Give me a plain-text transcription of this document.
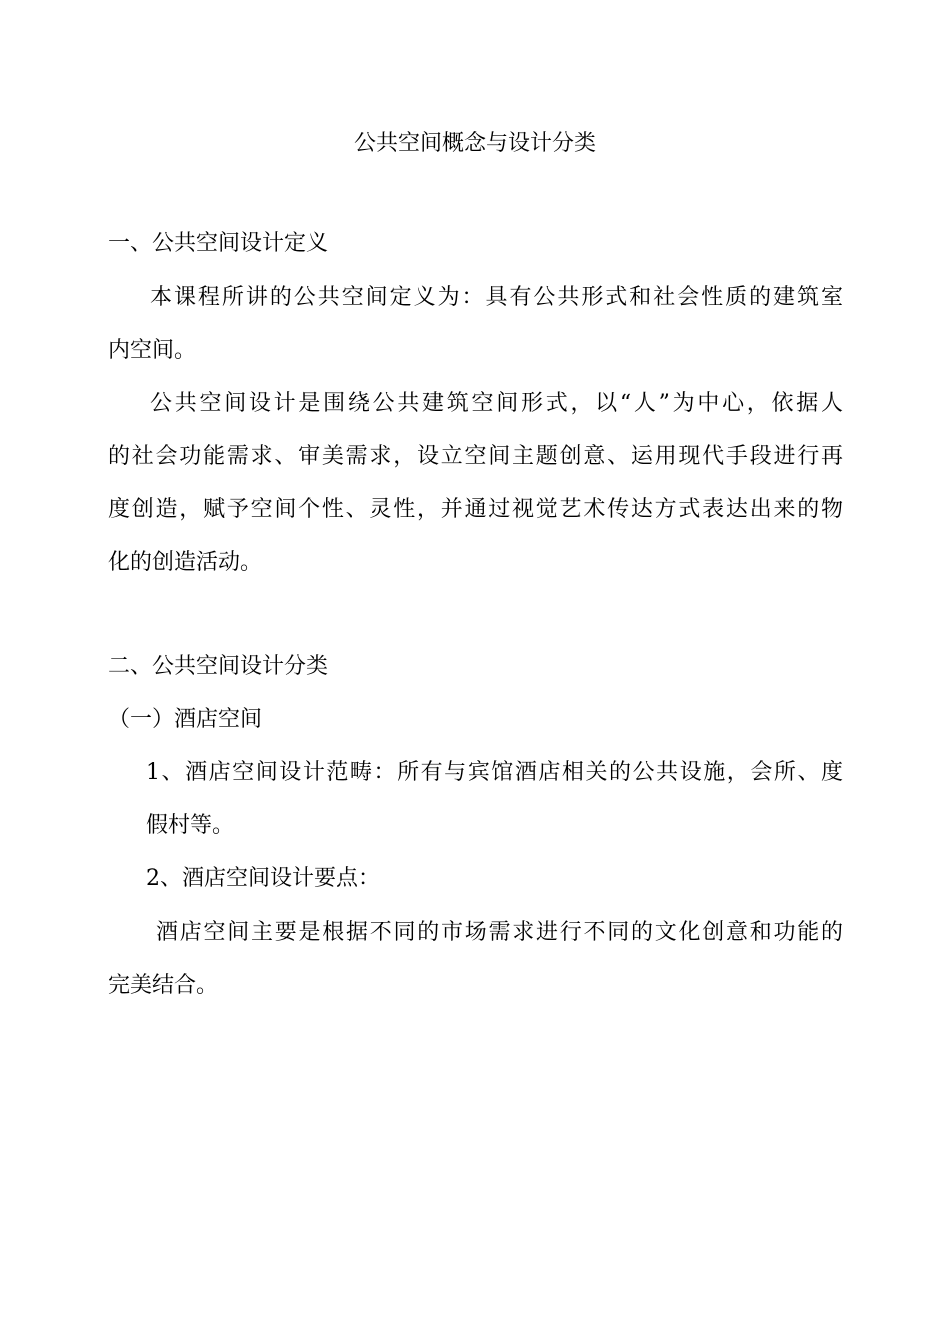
公共空间概念与设计分类
一、公共空间设计定义
本课程所讲的公共空间定义为：具有公共形式和社会性质的建筑室
内空间。
公共空间设计是围绕公共建筑空间形式，以“人”为中心，依据人
的社会功能需求、审美需求，设立空间主题创意、运用现代手段进行再
度创造，赋予空间个性、灵性，并通过视觉艺术传达方式表达出来的物
化的创造活动。
二、公共空间设计分类
（一）酒店空间
1、酒店空间设计范畴：所有与宾馆酒店相关的公共设施，会所、度
假村等。
2、酒店空间设计要点：
酒店空间主要是根据不同的市场需求进行不同的文化创意和功能的
完美结合。
